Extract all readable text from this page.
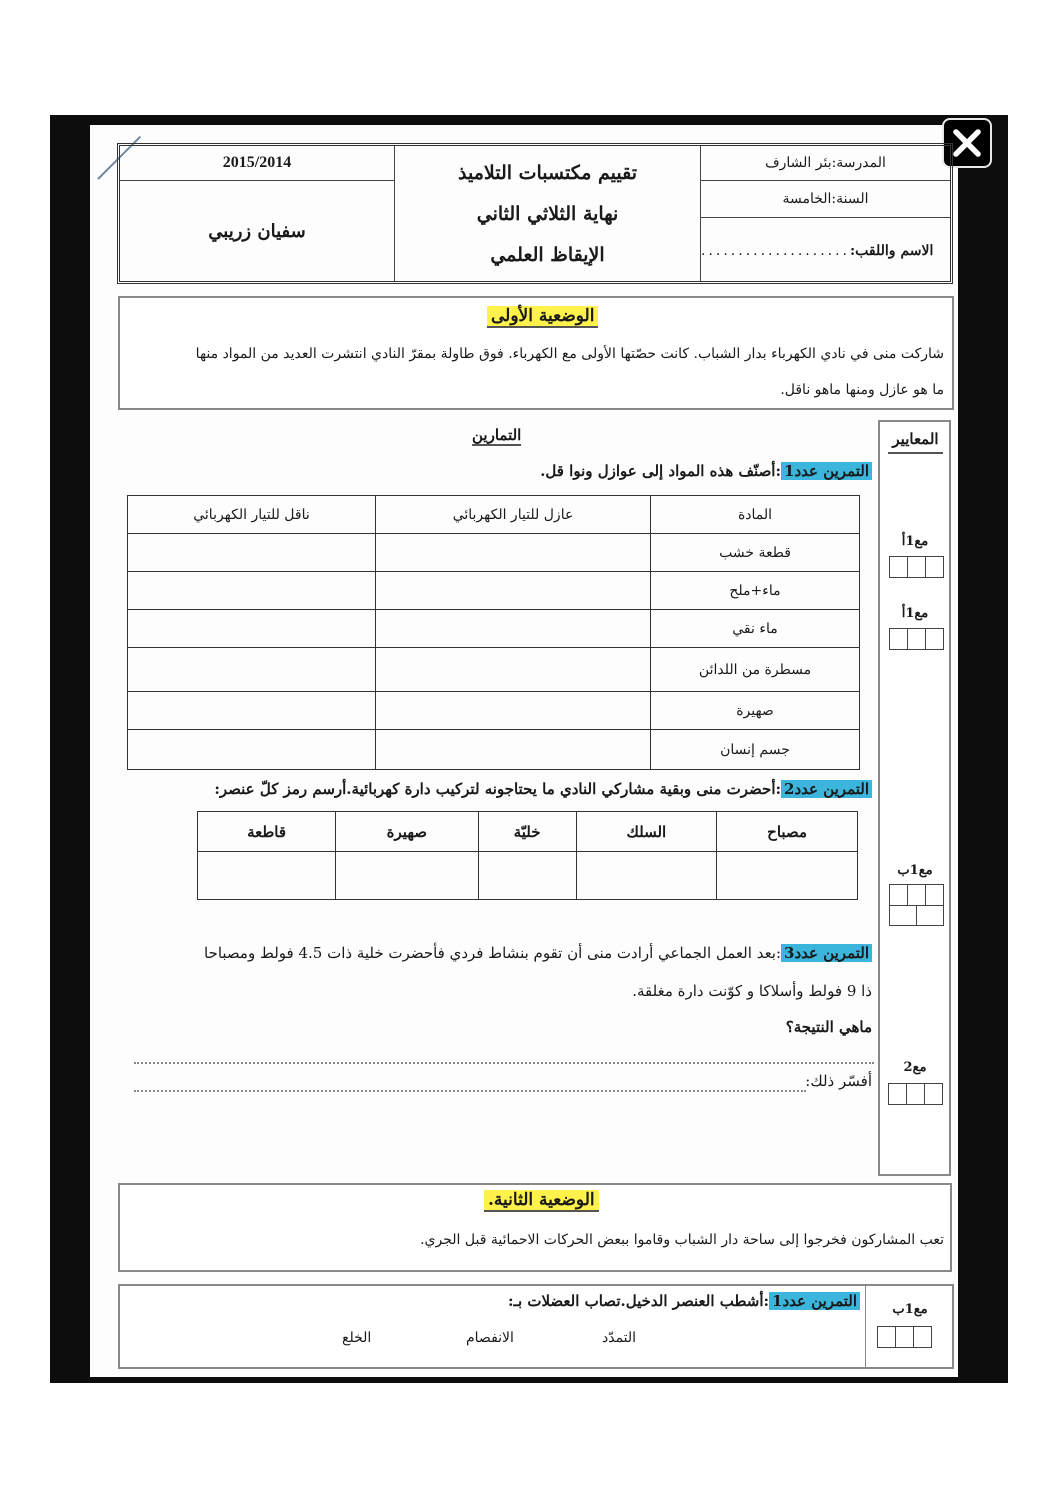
2015/2014
سفيان زريبي
تقييم مكتسبات التلاميذ
نهاية الثلاثي الثاني
الإيقاظ العلمي
المدرسة:بئر الشارف
السنة:الخامسة
الاسم واللقب:
....................
الوضعية الأولى
شاركت منى في نادي الكهرباء بدار الشباب. كانت حصّتها الأولى مع الكهرباء. فوق طاولة بمقرّ النادي انتشرت العديد من المواد منها
ما هو عازل ومنها ماهو ناقل.
التمارين	المعايير
مع1أ
مع1أ
مع1ب
مع2
التمرين عدد1:أصنّف هذه المواد إلى عوازل ونوا قل.
المادة	عازل للتيار الكهربائي	ناقل للتيار الكهربائي
قطعة خشب		
ماء+ملح		
ماء نقي		
مسطرة من اللدائن		
صهيرة		
جسم إنسان		
التمرين عدد2:أحضرت منى وبقية مشاركي النادي ما يحتاجونه لتركيب دارة كهربائية.أرسم رمز كلّ عنصر:
مصباح	السلك	خليّة	صهيرة	قاطعة

التمرين عدد3:بعد العمل الجماعي أرادت منى أن تقوم بنشاط فردي فأحضرت خلية ذات 4.5 فولط ومصباحا
ذا 9 فولط وأسلاكا و كوّنت دارة مغلقة.
ماهي النتيجة؟
أفسّر ذلك:
الوضعية الثانية.
تعب المشاركون فخرجوا إلى ساحة دار الشباب وقاموا ببعض الحركات الاحمائية قبل الجري.
مع1ب
التمرين عدد1:أشطب العنصر الدخيل.تصاب العضلات بـ:
التمدّد
الانفصام
الخلع
